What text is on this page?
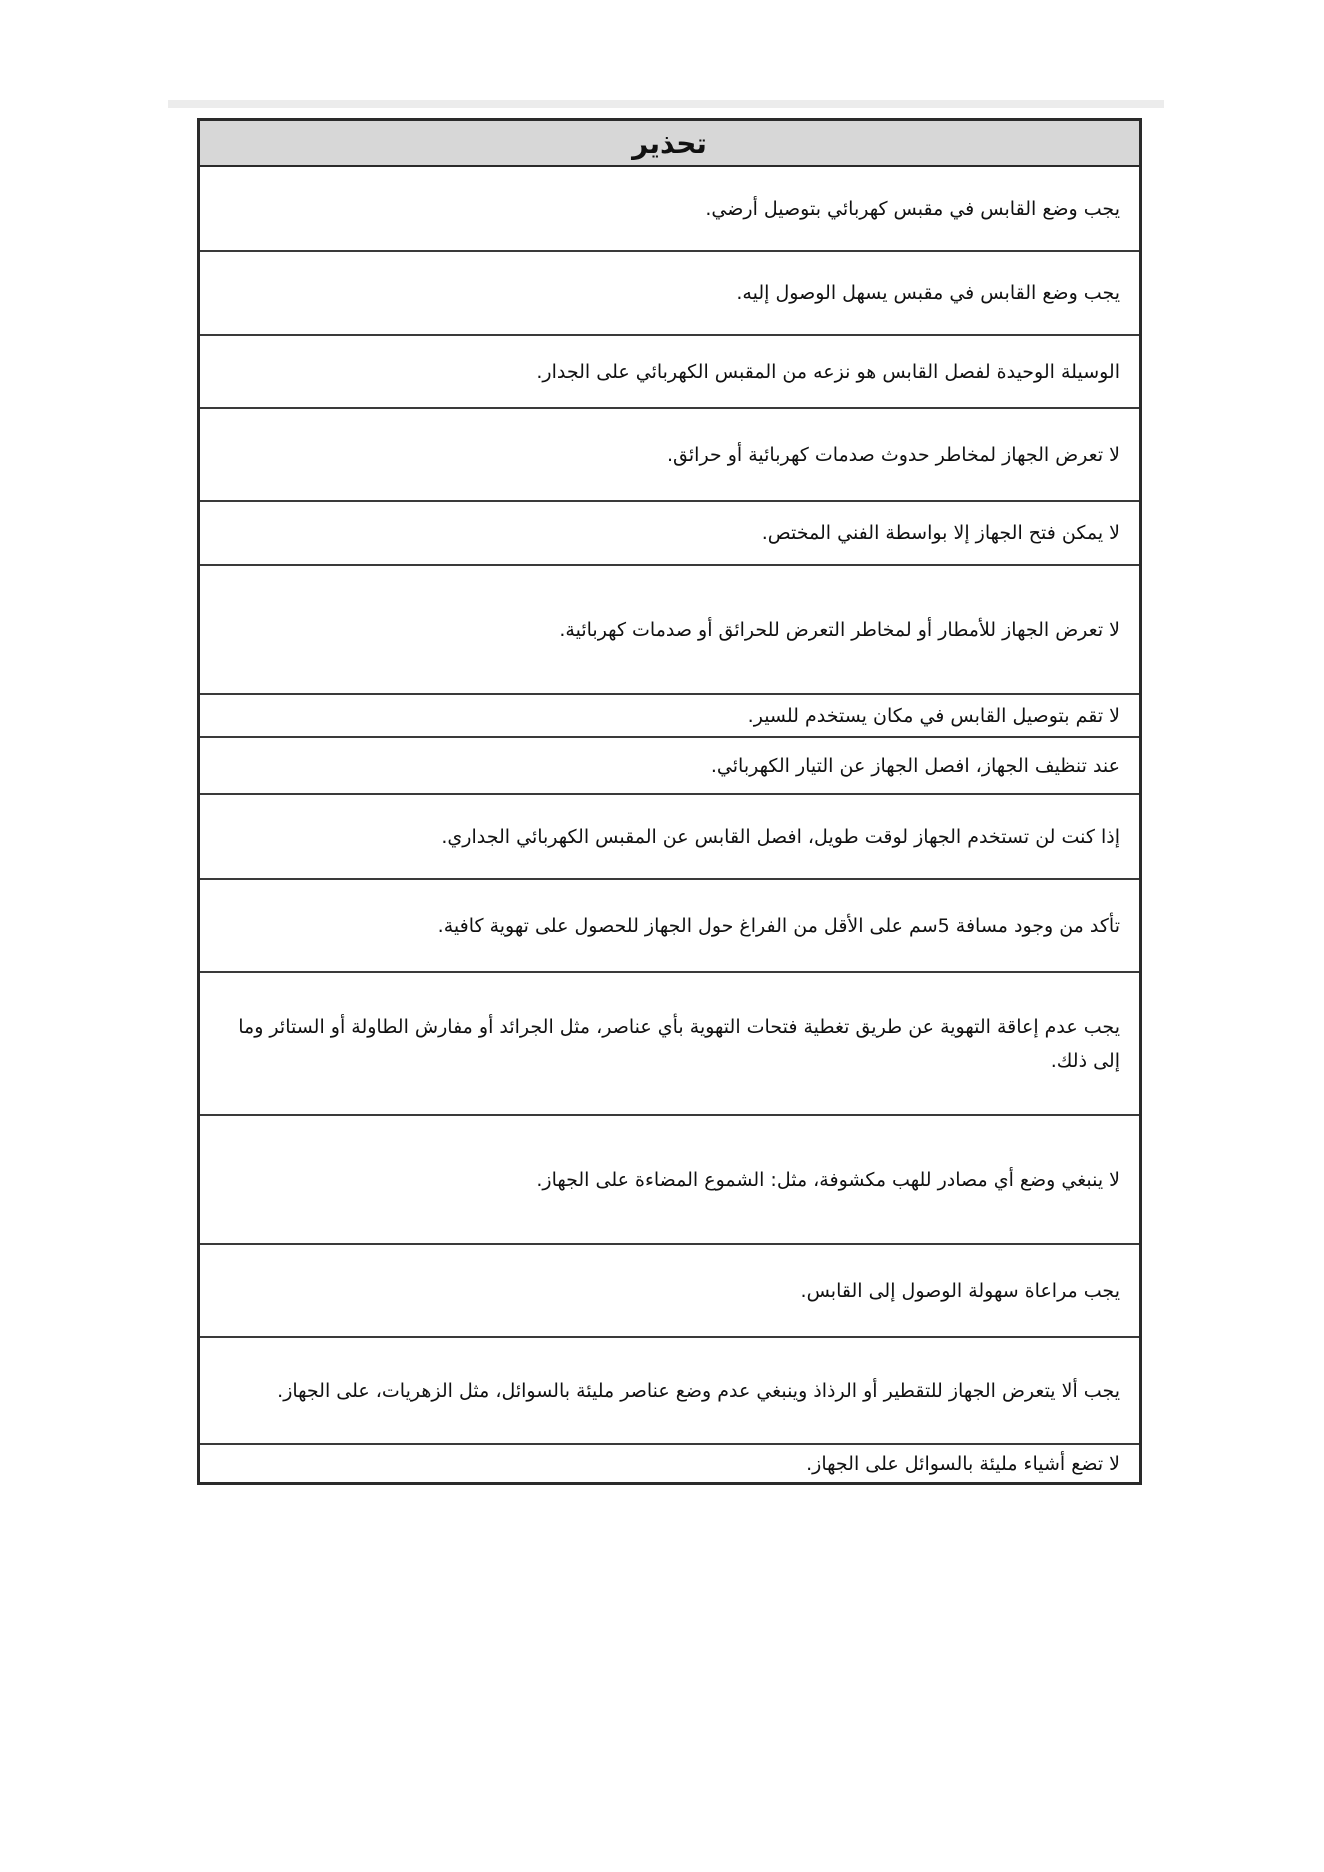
تحذير
يجب وضع القابس في مقبس كهربائي بتوصيل أرضي.
يجب وضع القابس في مقبس يسهل الوصول إليه.
الوسيلة الوحيدة لفصل القابس هو نزعه من المقبس الكهربائي على الجدار.
لا تعرض الجهاز لمخاطر حدوث صدمات كهربائية أو حرائق.
لا يمكن فتح الجهاز إلا بواسطة الفني المختص.
لا تعرض الجهاز للأمطار أو لمخاطر التعرض للحرائق أو صدمات كهربائية.
لا تقم بتوصيل القابس في مكان يستخدم للسير.
عند تنظيف الجهاز، افصل الجهاز عن التيار الكهربائي.
إذا كنت لن تستخدم الجهاز لوقت طويل، افصل القابس عن المقبس الكهربائي الجداري.
تأكد من وجود مسافة 5سم على الأقل من الفراغ حول الجهاز للحصول على تهوية كافية.
يجب عدم إعاقة التهوية عن طريق تغطية فتحات التهوية بأي عناصر، مثل الجرائد أو مفارش الطاولة أو الستائر وما إلى ذلك.
لا ينبغي وضع أي مصادر للهب مكشوفة، مثل: الشموع المضاءة على الجهاز.
يجب مراعاة سهولة الوصول إلى القابس.
يجب ألا يتعرض الجهاز للتقطير أو الرذاذ وينبغي عدم وضع عناصر مليئة بالسوائل، مثل الزهريات، على الجهاز.
لا تضع أشياء مليئة بالسوائل على الجهاز.
